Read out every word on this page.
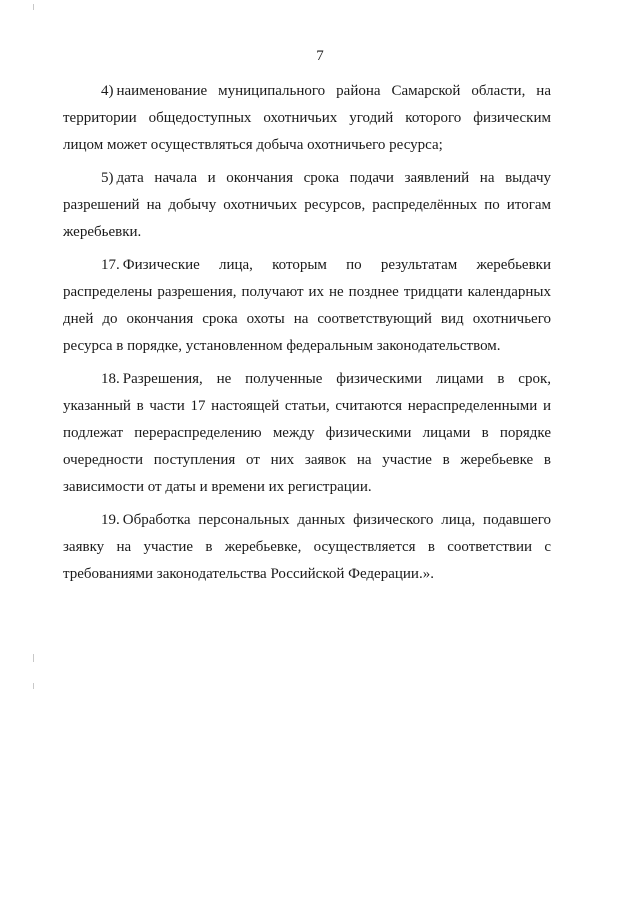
7

4) наименование муниципального района Самарской области, на территории общедоступных охотничьих угодий которого физическим лицом может осуществляться добыча охотничьего ресурса;

5) дата начала и окончания срока подачи заявлений на выдачу разрешений на добычу охотничьих ресурсов, распределённых по итогам жеребьевки.

17. Физические лица, которым по результатам жеребьевки распределены разрешения, получают их не позднее тридцати календарных дней до окончания срока охоты на соответствующий вид охотничьего ресурса в порядке, установленном федеральным законодательством.

18. Разрешения, не полученные физическими лицами в срок, указанный в части 17 настоящей статьи, считаются нераспределенными и подлежат перераспределению между физическими лицами в порядке очередности поступления от них заявок на участие в жеребьевке в зависимости от даты и времени их регистрации.

19. Обработка персональных данных физического лица, подавшего заявку на участие в жеребьевке, осуществляется в соответствии с требованиями законодательства Российской Федерации.».
